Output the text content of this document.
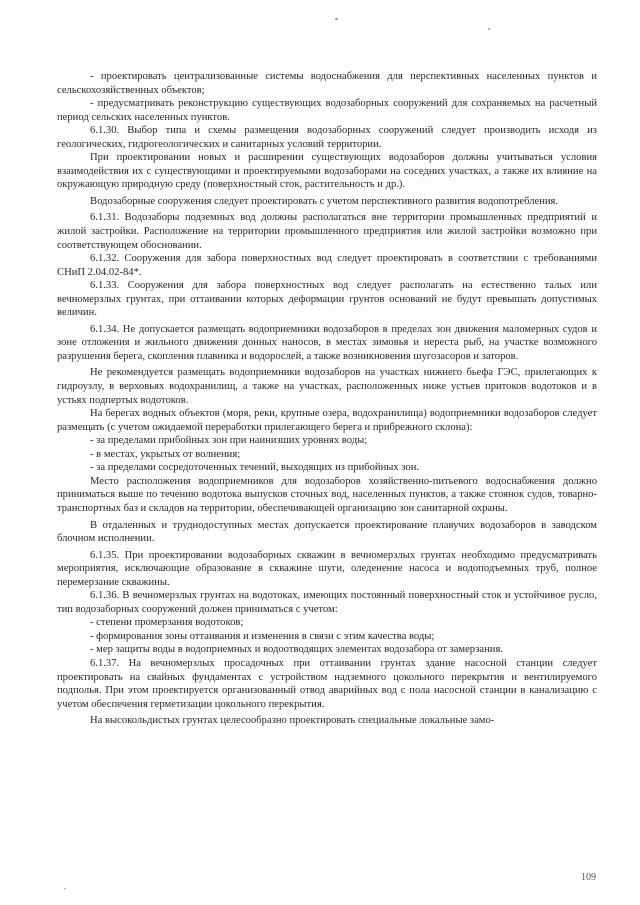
- проектировать централизованные системы водоснабжения для перспективных населенных пунктов и сельскохозяйственных объектов;

- предусматривать реконструкцию существующих водозаборных сооружений для сохраняемых на расчетный период сельских населенных пунктов.

6.1.30. Выбор типа и схемы размещения водозаборных сооружений следует производить исходя из геологических, гидрогеологических и санитарных условий территории.

При проектировании новых и расширении существующих водозаборов должны учитываться условия взаимодействия их с существующими и проектируемыми водозаборами на соседних участках, а также их влияние на окружающую природную среду (поверхностный сток, растительность и др.).

Водозаборные сооружения следует проектировать с учетом перспективного развития водопотребления.

6.1.31. Водозаборы подземных вод должны располагаться вне территории промышленных предприятий и жилой застройки. Расположение на территории промышленного предприятия или жилой застройки возможно при соответствующем обосновании.

6.1.32. Сооружения для забора поверхностных вод следует проектировать в соответствии с требованиями СНиП 2.04.02-84*.

6.1.33. Сооружения для забора поверхностных вод следует располагать на естественно талых или вечномерзлых грунтах, при оттаивании которых деформации грунтов оснований не будут превышать допустимых величин.

6.1.34. Не допускается размещать водоприемники водозаборов в пределах зон движения маломерных судов и зоне отложения и жильного движения донных наносов, в местах зимовья и нереста рыб, на участке возможного разрушения берега, скопления плавника и водорослей, а также возникновения шугозасоров и заторов.

Не рекомендуется размещать водоприемники водозаборов на участках нижнего бьефа ГЭС, прилегающих к гидроузлу, в верховьях водохранилищ, а также на участках, расположенных ниже устьев притоков водотоков и в устьях подпертых водотоков.

На берегах водных объектов (моря, реки, крупные озера, водохранилища) водоприемники водозаборов следует размещать (с учетом ожидаемой переработки прилегающего берега и прибрежного склона):

- за пределами прибойных зон при наинизших уровнях воды;

- в местах, укрытых от волнения;

- за пределами сосредоточенных течений, выходящих из прибойных зон.

Место расположения водоприемников для водозаборов хозяйственно-питьевого водоснабжения должно приниматься выше по течению водотока выпусков сточных вод, населенных пунктов, а также стоянок судов, товарно-транспортных баз и складов на территории, обеспечивающей организацию зон санитарной охраны.

В отдаленных и труднодоступных местах допускается проектирование плавучих водозаборов в заводском блочном исполнении.

6.1.35. При проектировании водозаборных скважин в вечномерзлых грунтах необходимо предусматривать мероприятия, исключающие образование в скважине шуги, оледенение насоса и водоподъемных труб, полное перемерзание скважины.

6.1.36. В вечномерзлых грунтах на водотоках, имеющих постоянный поверхностный сток и устойчивое русло, тип водозаборных сооружений должен приниматься с учетом:

- степени промерзания водотоков;

- формирования зоны оттаивания и изменения в связи с этим качества воды;

- мер защиты воды в водоприемных и водоотводящих элементах водозабора от замерзания.

6.1.37. На вечномерзлых просадочных при оттаивании грунтах здание насосной станции следует проектировать на свайных фундаментах с устройством надземного цокольного перекрытия и вентилируемого подполья. При этом проектируется организованный отвод аварийных вод с пола насосной станции в канализацию с учетом обеспечения герметизации цокольного перекрытия.

На высокольдистых грунтах целесообразно проектировать специальные локальные замо-

109
